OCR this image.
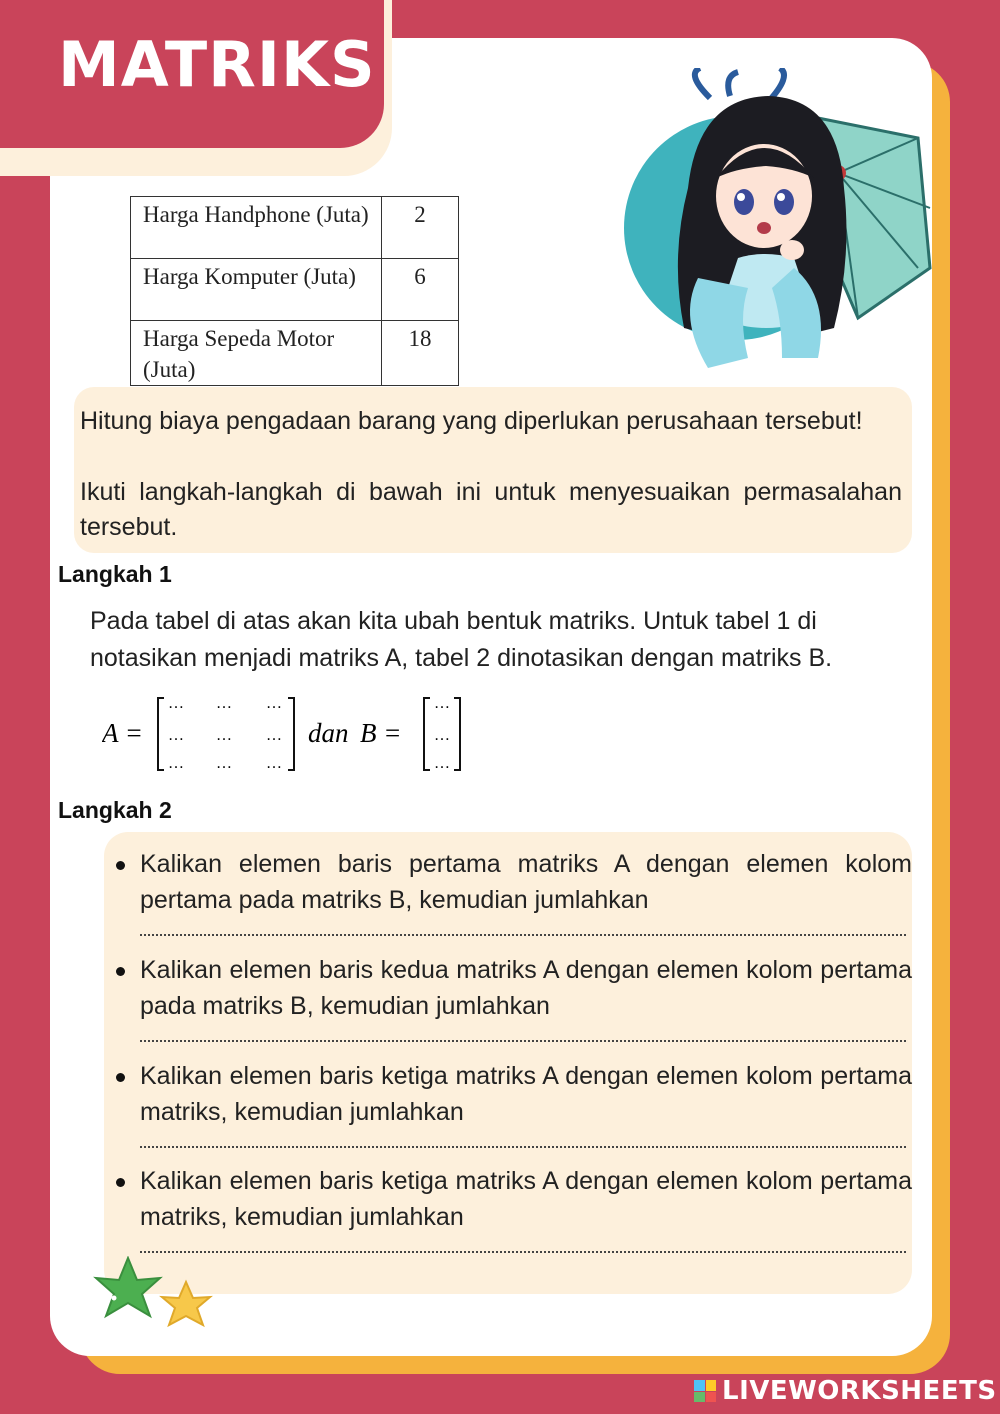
MATRIKS
Harga Handphone (Juta)	2
Harga Komputer (Juta)	6
Harga Sepeda Motor (Juta)	18

Hitung biaya pengadaan barang yang diperlukan perusahaan tersebut!

Ikuti langkah-langkah di bawah ini untuk menyesuaikan permasalahan tersebut.

Langkah 1

Pada tabel di atas akan kita ubah bentuk matriks. Untuk tabel 1 di notasikan menjadi matriks A, tabel 2 dinotasikan dengan matriks B.

A =
… … …
… … …
… … …
dan B =
…
…
…
Langkah 2

Kalikan elemen baris pertama matriks A dengan elemen kolom pertama pada matriks B, kemudian jumlahkan

Kalikan elemen baris kedua matriks A dengan elemen kolom pertama pada matriks B, kemudian jumlahkan

Kalikan elemen baris ketiga matriks A dengan elemen kolom pertama matriks, kemudian jumlahkan

Kalikan elemen baris ketiga matriks A dengan elemen kolom pertama matriks, kemudian jumlahkan

LIVEWORKSHEETS
